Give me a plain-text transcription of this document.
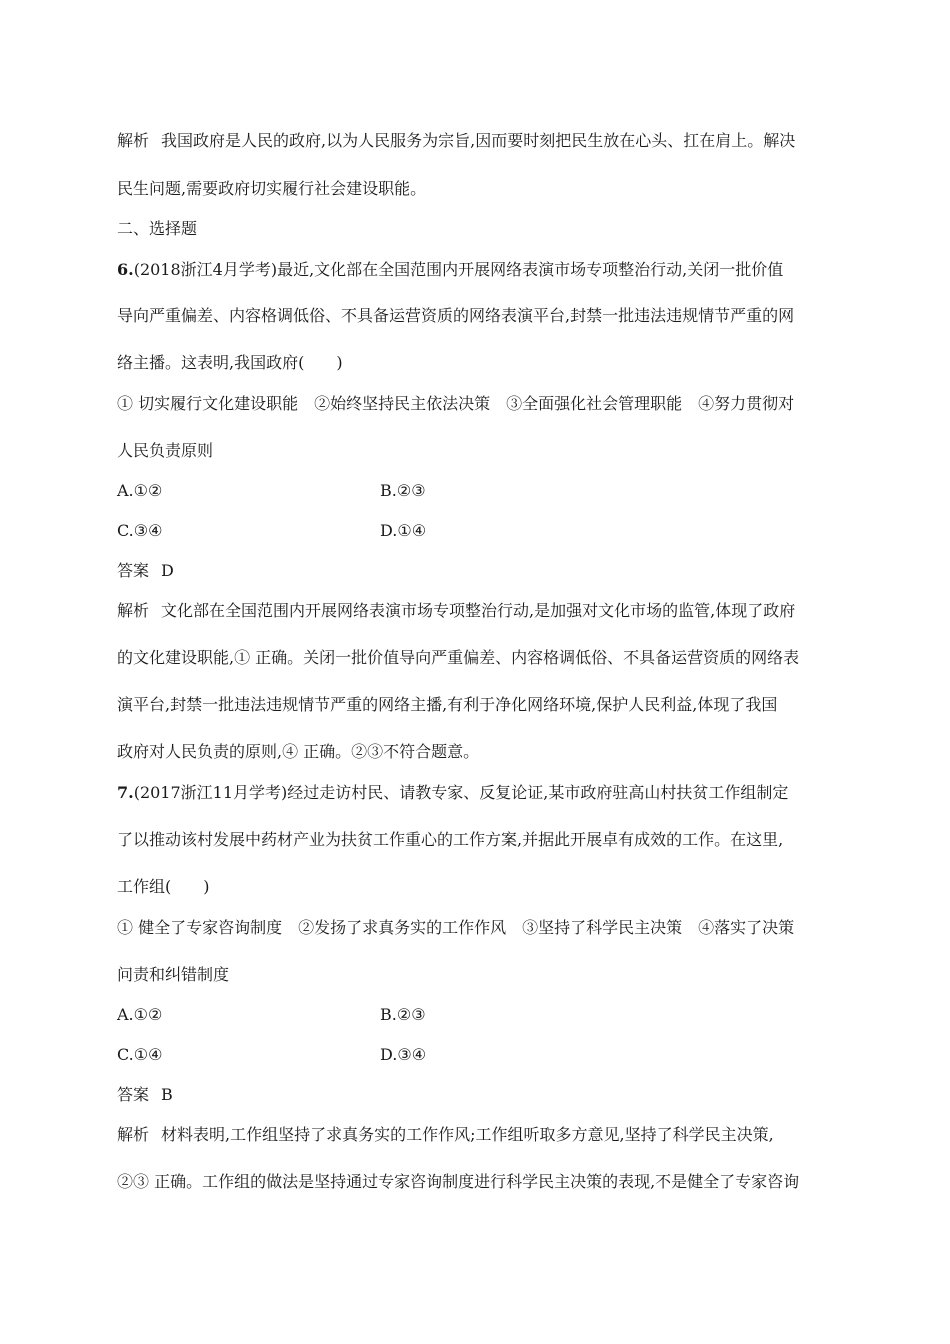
解析 我国政府是人民的政府,以为人民服务为宗旨,因而要时刻把民生放在心头、扛在肩上。解决
民生问题,需要政府切实履行社会建设职能。
二、选择题
6.(2018浙江4月学考)最近,文化部在全国范围内开展网络表演市场专项整治行动,关闭一批价值
导向严重偏差、内容格调低俗、不具备运营资质的网络表演平台,封禁一批违法违规情节严重的网
络主播。这表明,我国政府(　　)
① 切实履行文化建设职能　②始终坚持民主依法决策　③全面强化社会管理职能　④努力贯彻对
人民负责原则
A.①②	B.②③
C.③④	D.①④
答案 D
解析 文化部在全国范围内开展网络表演市场专项整治行动,是加强对文化市场的监管,体现了政府
的文化建设职能,① 正确。关闭一批价值导向严重偏差、内容格调低俗、不具备运营资质的网络表
演平台,封禁一批违法违规情节严重的网络主播,有利于净化网络环境,保护人民利益,体现了我国
政府对人民负责的原则,④ 正确。②③不符合题意。
7.(2017浙江11月学考)经过走访村民、请教专家、反复论证,某市政府驻高山村扶贫工作组制定
了以推动该村发展中药材产业为扶贫工作重心的工作方案,并据此开展卓有成效的工作。在这里,
工作组(　　)
① 健全了专家咨询制度　②发扬了求真务实的工作作风　③坚持了科学民主决策　④落实了决策
问责和纠错制度
A.①②	B.②③
C.①④	D.③④
答案 B
解析 材料表明,工作组坚持了求真务实的工作作风;工作组听取多方意见,坚持了科学民主决策,
②③ 正确。工作组的做法是坚持通过专家咨询制度进行科学民主决策的表现,不是健全了专家咨询
